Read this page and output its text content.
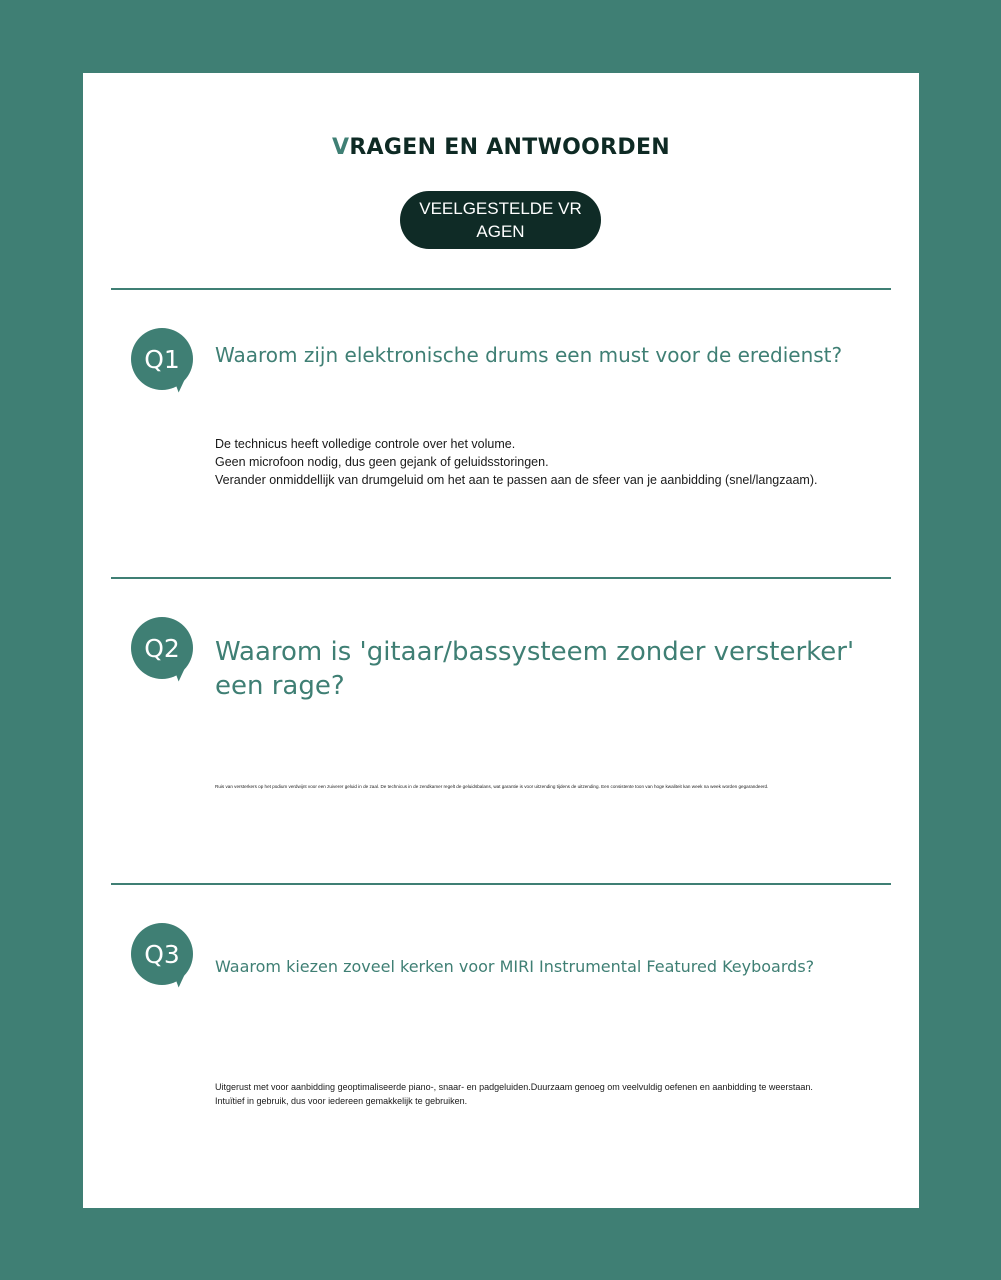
VRAGEN EN ANTWOORDEN
VEELGESTELDE VRAGEN
Q1	Waarom zijn elektronische drums een must voor de eredienst?
De technicus heeft volledige controle over het volume.
Geen microfoon nodig, dus geen gejank of geluidsstoringen.
Verander onmiddellijk van drumgeluid om het aan te passen aan de sfeer van je aanbidding (snel/langzaam).
Q2	Waarom is 'gitaar/bassysteem zonder versterker' een rage?
Ruis van versterkers op het podium verdwijnt voor een zuiverer geluid in de zaal. De technicus in de zendkamer regelt de geluidsbalans, wat garantie is voor uitzending tijdens de uitzending. Een consistente toon van hoge kwaliteit kan week na week worden gegarandeerd.
Q3	Waarom kiezen zoveel kerken voor MIRI Instrumental Featured Keyboards?
Uitgerust met voor aanbidding geoptimaliseerde piano-, snaar- en padgeluiden.Duurzaam genoeg om veelvuldig oefenen en aanbidding te weerstaan.
Intuïtief in gebruik, dus voor iedereen gemakkelijk te gebruiken.
